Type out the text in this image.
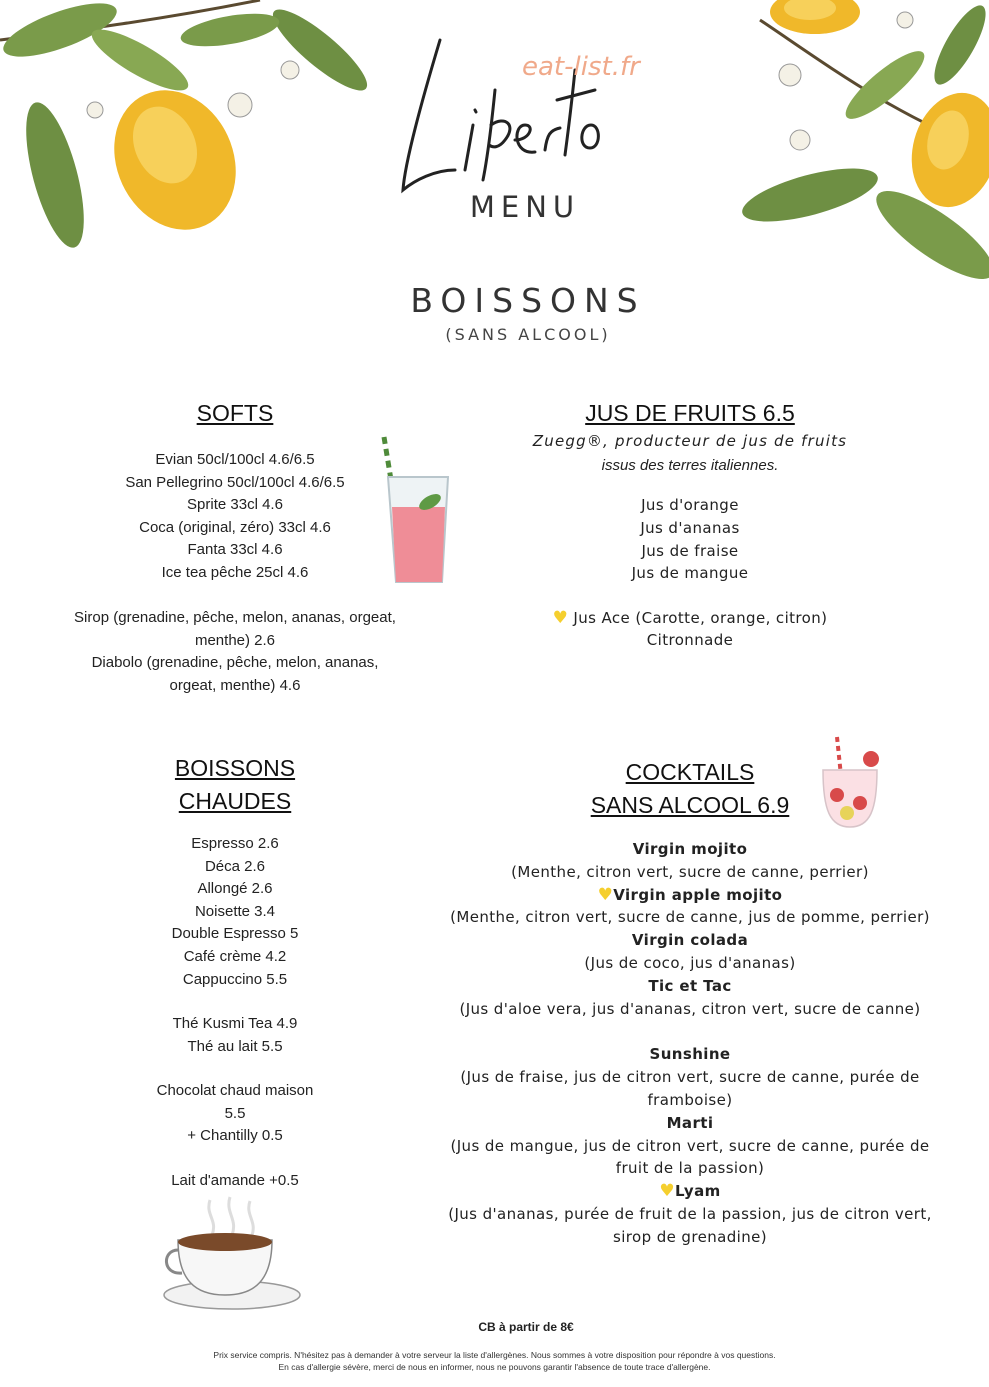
eat-list.fr
MENU
BOISSONS
(SANS ALCOOL)
SOFTS
Evian 50cl/100cl 4.6/6.5
San Pellegrino 50cl/100cl 4.6/6.5
Sprite 33cl 4.6
Coca (original, zéro) 33cl 4.6
Fanta 33cl 4.6
Ice tea pêche 25cl 4.6
Sirop (grenadine, pêche, melon, ananas, orgeat,
menthe) 2.6
Diabolo (grenadine, pêche, melon, ananas,
orgeat, menthe) 4.6
JUS DE FRUITS 6.5
Zuegg®, producteur de jus de fruits
issus des terres italiennes.
Jus d'orange
Jus d'ananas
Jus de fraise
Jus de mangue
♥ Jus Ace (Carotte, orange, citron)
Citronnade
BOISSONS
CHAUDES
Espresso 2.6
Déca 2.6
Allongé 2.6
Noisette 3.4
Double Espresso 5
Café crème 4.2
Cappuccino 5.5
Thé Kusmi Tea 4.9
Thé au lait 5.5
Chocolat chaud maison
5.5
+ Chantilly 0.5
Lait d'amande +0.5
COCKTAILS
SANS ALCOOL 6.9
Virgin mojito
(Menthe, citron vert, sucre de canne, perrier)
♥Virgin apple mojito
(Menthe, citron vert, sucre de canne, jus de pomme, perrier)
Virgin colada
(Jus de coco, jus d'ananas)
Tic et Tac
(Jus d'aloe vera, jus d'ananas, citron vert, sucre de canne)
Sunshine
(Jus de fraise, jus de citron vert, sucre de canne, purée de
framboise)
Marti
(Jus de mangue, jus de citron vert, sucre de canne, purée de
fruit de la passion)
♥Lyam
(Jus d'ananas, purée de fruit de la passion, jus de citron vert,
sirop de grenadine)
CB à partir de 8€
Prix service compris. N'hésitez pas à demander à votre serveur la liste d'allergènes. Nous sommes à votre disposition pour répondre à vos questions.
En cas d'allergie sévère, merci de nous en informer, nous ne pouvons garantir l'absence de toute trace d'allergène.
